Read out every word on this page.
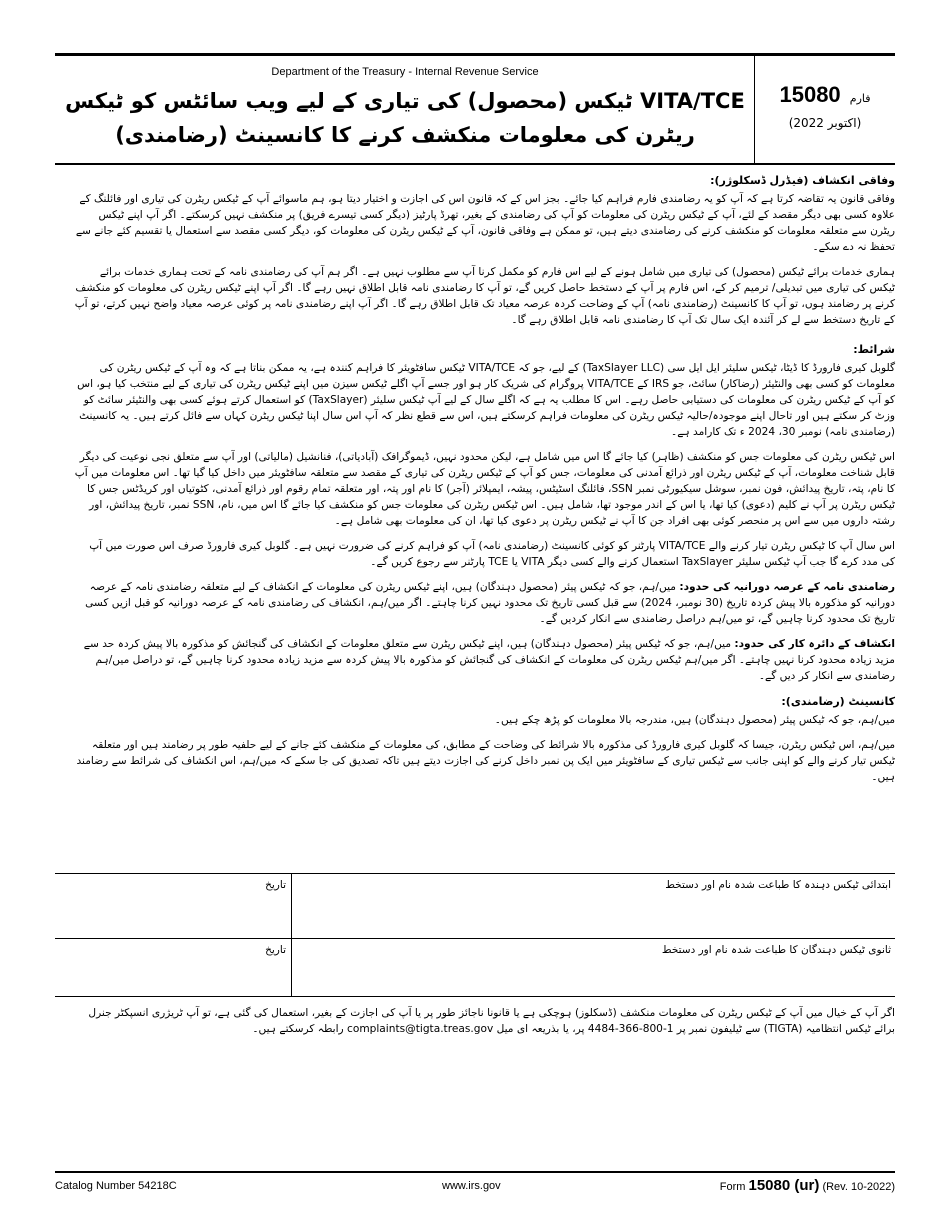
Department of the Treasury - Internal Revenue Service
VITA/TCE ٹیکس (محصول) کی تیاری کے لیے ویب سائٹس کو ٹیکس ریٹرن کی معلومات منکشف کرنے کا کانسینٹ (رضامندی)
فارم 15080
(اکتوبر 2022)
وفاقی انکشاف (فیڈرل ڈسکلوژر):

وفاقی قانون یہ تقاضہ کرتا ہے کہ آپ کو یہ رضامندی فارم فراہم کیا جائے۔ بجز اس کے کہ قانون اس کی اجازت و اختیار دیتا ہو، ہم ماسوائے آپ کے ٹیکس ریٹرن کی تیاری اور فائلنگ کے علاوہ کسی بھی دیگر مقصد کے لئے، آپ کے ٹیکس ریٹرن کی معلومات کو آپ کی رضامندی کے بغیر، تھرڈ پارٹیز (دیگر کسی تیسرے فریق) پر منکشف نہیں کرسکتے۔ اگر آپ اپنے ٹیکس ریٹرن سے متعلقہ معلومات کو منکشف کرنے کی رضامندی دیتے ہیں، تو ممکن ہے وفاقی قانون، آپ کے ٹیکس ریٹرن کی معلومات کو، دیگر کسی مقصد سے استعمال یا تقسیم کئے جانے سے تحفظ نہ دے سکے۔

ہماری خدمات برائے ٹیکس (محصول) کی تیاری میں شامل ہونے کے لیے اس فارم کو مکمل کرنا آپ سے مطلوب نہیں ہے۔ اگر ہم آپ کی رضامندی نامہ کے تحت ہماری خدمات برائے ٹیکس کی تیاری میں تبدیلی/ ترمیم کر کے، اس فارم پر آپ کے دستخط حاصل کریں گے، تو آپ کا رضامندی نامہ قابل اطلاق نہیں رہے گا۔ اگر آپ اپنے ٹیکس ریٹرن کی معلومات کو منکشف کرنے پر رضامند ہوں، تو آپ کا کانسینٹ (رضامندی نامہ) آپ کے وضاحت کردہ عرصہ معیاد تک قابل اطلاق رہے گا۔ اگر آپ اپنے رضامندی نامہ پر کوئی عرصہ معیاد واضح نہیں کرتے، تو آپ کے تاریخ دستخط سے لے کر آئندہ ایک سال تک آپ کا رضامندی نامہ قابل اطلاق رہے گا۔

شرائط:

گلوبل کیری فارورڈ کا ڈیٹا، ٹیکس سلیئر ایل ایل سی (TaxSlayer LLC) کے لیے، جو کہ VITA/TCE ٹیکس سافٹویئر کا فراہم کنندہ ہے، یہ ممکن بناتا ہے کہ وہ آپ کے ٹیکس ریٹرن کی معلومات کو کسی بھی والنٹیئر (رضاکار) سائٹ، جو IRS کے VITA/TCE پروگرام کی شریک کار ہو اور جسے آپ اگلے ٹیکس سیزن میں اپنے ٹیکس ریٹرن کی تیاری کے لیے منتخب کیا ہو، اس کو آپ کے ٹیکس ریٹرن کی معلومات کی دستیابی حاصل رہے۔ اس کا مطلب یہ ہے کہ اگلے سال کے لیے آپ ٹیکس سلیئر (TaxSlayer) کو استعمال کرتے ہوئے کسی بھی والنٹیئر سائٹ کو وزٹ کر سکتے ہیں اور تاحال اپنے موجودہ/حالیہ ٹیکس ریٹرن کی معلومات فراہم کرسکتے ہیں، اس سے قطع نظر کہ آپ اس سال اپنا ٹیکس ریٹرن کہاں سے فائل کرتے ہیں۔ یہ کانسینٹ (رضامندی نامہ) نومبر 30، 2024 ء تک کارامد ہے۔

اس ٹیکس ریٹرن کی معلومات جس کو منکشف (ظاہر) کیا جائے گا اس میں شامل ہے، لیکن محدود نہیں، ڈیموگرافک (آبادیاتی)، فنانشیل (مالیاتی) اور آپ سے متعلق نجی نوعیت کی دیگر قابل شناخت معلومات، آپ کے ٹیکس ریٹرن اور ذرائع آمدنی کی معلومات، جس کو آپ کے ٹیکس ریٹرن کی تیاری کے مقصد سے متعلقہ سافٹویئر میں داخل کیا گیا تھا۔ اس معلومات میں آپ کا نام، پتہ، تاریخ پیدائش، فون نمبر، سوشل سیکیورٹی نمبر SSN، فائلنگ اسٹیٹس، پیشہ، ایمپلائر (آجر) کا نام اور پتہ، اور متعلقہ تمام رقوم اور ذرائع آمدنی، کٹوتیاں اور کریڈٹس جس کا ٹیکس ریٹرن پر آپ نے کلیم (دعوی) کیا تھا، یا اس کے اندر موجود تھا، شامل ہیں۔ اس ٹیکس ریٹرن کی معلومات جس کو منکشف کیا جائے گا اس میں، نام، SSN نمبر، تاریخ پیدائش، اور رشتہ داروں میں سے اس پر منحصر کوئی بھی افراد جن کا آپ نے ٹیکس ریٹرن پر دعوی کیا تھا، ان کی معلومات بھی شامل ہے۔

اس سال آپ کا ٹیکس ریٹرن تیار کرنے والے VITA/TCE پارٹنر کو کوئی کانسینٹ (رضامندی نامہ) آپ کو فراہم کرنے کی ضرورت نہیں ہے۔ گلوبل کیری فارورڈ صرف اس صورت میں آپ کی مدد کرے گا جب آپ ٹیکس سلیئر TaxSlayer استعمال کرنے والے کسی دیگر VITA یا TCE پارٹنر سے رجوع کریں گے۔

رضامندی نامہ کے عرصہ دورانیہ کی حدود: میں/ہم، جو کہ ٹیکس پیئر (محصول دہندگان) ہیں، اپنے ٹیکس ریٹرن کی معلومات کے انکشاف کے لیے متعلقہ رضامندی نامہ کے عرصہ دورانیہ کو مذکورہ بالا پیش کردہ تاریخ (30 نومبر، 2024) سے قبل کسی تاریخ تک محدود نہیں کرنا چاہتے۔ اگر میں/ہم، انکشاف کی رضامندی نامہ کے عرصہ دورانیہ کو قبل ازیں کسی تاریخ تک محدود کرنا چاہیں گے، تو میں/ہم دراصل رضامندی سے انکار کردیں گے۔

انکشاف کے دائرہ کار کی حدود: میں/ہم، جو کہ ٹیکس پیئر (محصول دہندگان) ہیں، اپنے ٹیکس ریٹرن سے متعلق معلومات کے انکشاف کی گنجائش کو مذکورہ بالا پیش کردہ حد سے مزید زیادہ محدود کرنا نہیں چاہتے۔ اگر میں/ہم ٹیکس ریٹرن کی معلومات کے انکشاف کی گنجائش کو مذکورہ بالا پیش کردہ سے مزید زیادہ محدود کرنا چاہیں گے، تو دراصل میں/ہم رضامندی سے انکار کر دیں گے۔

کانسینٹ (رضامندی):

میں/ہم، جو کہ ٹیکس پیئر (محصول دہندگان) ہیں، مندرجہ بالا معلومات کو پڑھ چکے ہیں۔

میں/ہم، اس ٹیکس ریٹرن، جیسا کہ گلوبل کیری فارورڈ کی مذکورہ بالا شرائط کی وضاحت کے مطابق، کی معلومات کے منکشف کئے جانے کے لیے حلفیہ طور پر رضامند ہیں اور متعلقہ ٹیکس تیار کرنے والے کو اپنی جانب سے ٹیکس تیاری کے سافٹویئر میں ایک پن نمبر داخل کرنے کی اجازت دیتے ہیں تاکہ تصدیق کی جا سکے کہ میں/ہم، اس انکشاف کی شرائط سے رضامند ہیں۔

ابتدائی ٹیکس دہندہ کا طباعت شدہ نام اور دستخط
تاریخ
ثانوی ٹیکس دہندگان کا طباعت شدہ نام اور دستخط
تاریخ
اگر آپ کے خیال میں آپ کے ٹیکس ریٹرن کی معلومات منکشف (ڈسکلوز) ہوچکی ہے یا قانونا ناجائز طور پر یا آپ کی اجازت کے بغیر، استعمال کی گئی ہے، تو آپ ٹریژری انسپکٹر جنرل برائے ٹیکس انتظامیہ (TIGTA) سے ٹیلیفون نمبر پر 1-800-366-4484 پر، یا بذریعہ ای میل complaints@tigta.treas.gov رابطہ کرسکتے ہیں۔
Catalog Number 54218C	www.irs.gov	Form 15080 (ur) (Rev. 10-2022)
